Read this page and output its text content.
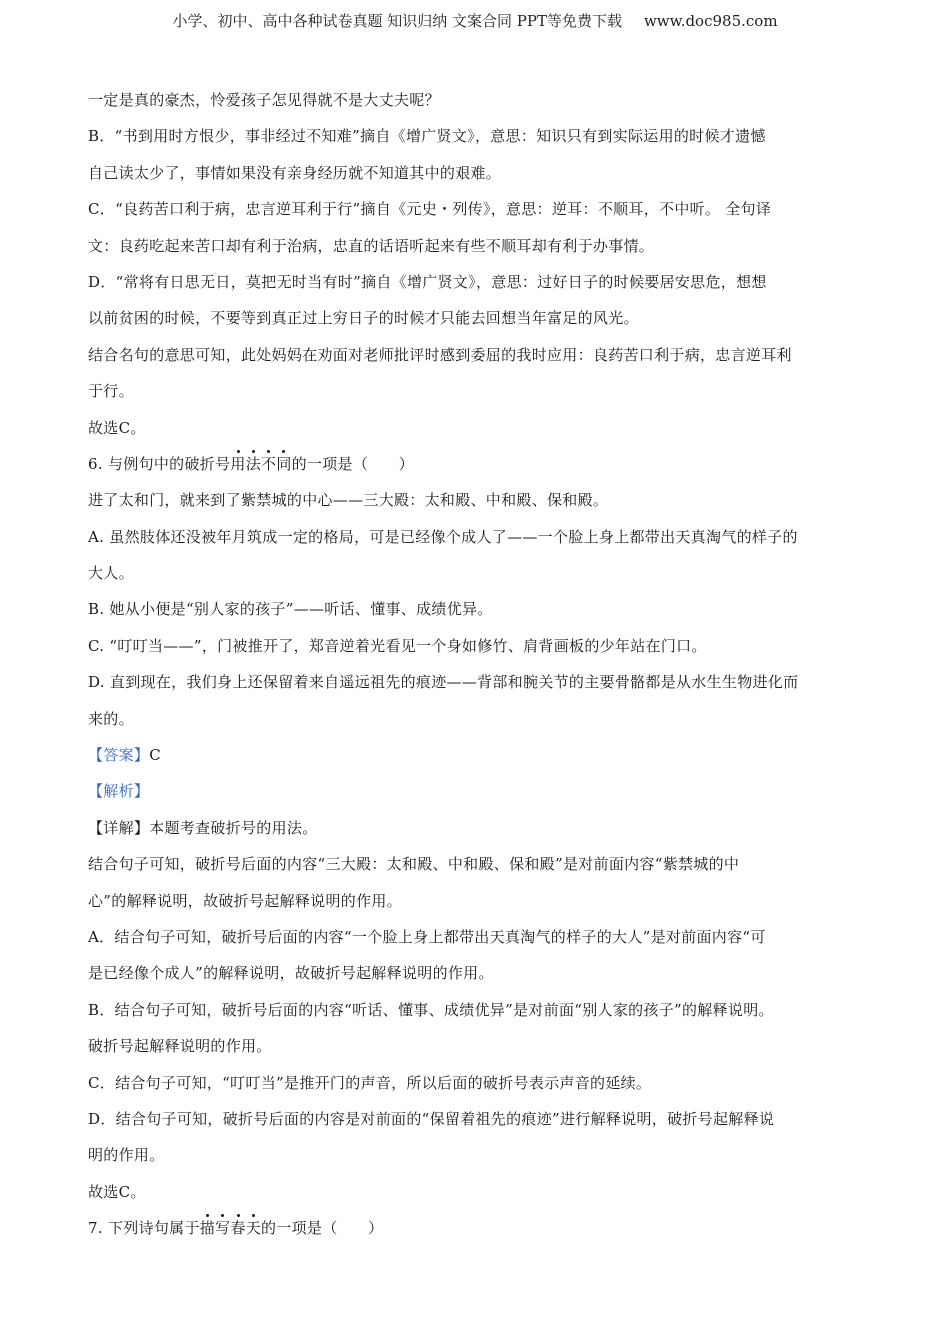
小学、初中、高中各种试卷真题 知识归纳 文案合同 PPT等免费下载 www.doc985.com
一定是真的豪杰，怜爱孩子怎见得就不是大丈夫呢？
B．“书到用时方恨少，事非经过不知难”摘自《增广贤文》，意思：知识只有到实际运用的时候才遗憾
自己读太少了，事情如果没有亲身经历就不知道其中的艰难。
C．“良药苦口利于病，忠言逆耳利于行”摘自《元史・列传》，意思：逆耳：不顺耳，不中听。 全句译
文：良药吃起来苦口却有利于治病，忠直的话语听起来有些不顺耳却有利于办事情。
D．“常将有日思无日，莫把无时当有时”摘自《增广贤文》，意思：过好日子的时候要居安思危，想想
以前贫困的时候，不要等到真正过上穷日子的时候才只能去回想当年富足的风光。
结合名句的意思可知，此处妈妈在劝面对老师批评时感到委屈的我时应用：良药苦口利于病，忠言逆耳利
于行。
故选C。
6. 与例句中的破折号用法不同的一项是（　　）
进了太和门，就来到了紫禁城的中心——三大殿：太和殿、中和殿、保和殿。
A. 虽然肢体还没被年月筑成一定的格局，可是已经像个成人了——一个脸上身上都带出天真淘气的样子的
大人。
B. 她从小便是“别人家的孩子”——听话、懂事、成绩优异。
C. “叮叮当——”，门被推开了，郑音逆着光看见一个身如修竹、肩背画板的少年站在门口。
D. 直到现在，我们身上还保留着来自遥远祖先的痕迹——背部和腕关节的主要骨骼都是从水生生物进化而
来的。
【答案】C
【解析】
【详解】本题考查破折号的用法。
结合句子可知，破折号后面的内容“三大殿：太和殿、中和殿、保和殿”是对前面内容“紫禁城的中
心”的解释说明，故破折号起解释说明的作用。
A．结合句子可知，破折号后面的内容“一个脸上身上都带出天真淘气的样子的大人”是对前面内容“可
是已经像个成人”的解释说明，故破折号起解释说明的作用。
B．结合句子可知，破折号后面的内容“听话、懂事、成绩优异”是对前面“别人家的孩子”的解释说明。
破折号起解释说明的作用。
C．结合句子可知，“叮叮当”是推开门的声音，所以后面的破折号表示声音的延续。
D．结合句子可知，破折号后面的内容是对前面的“保留着祖先的痕迹”进行解释说明，破折号起解释说
明的作用。
故选C。
7. 下列诗句属于描写春天的一项是（　　）
